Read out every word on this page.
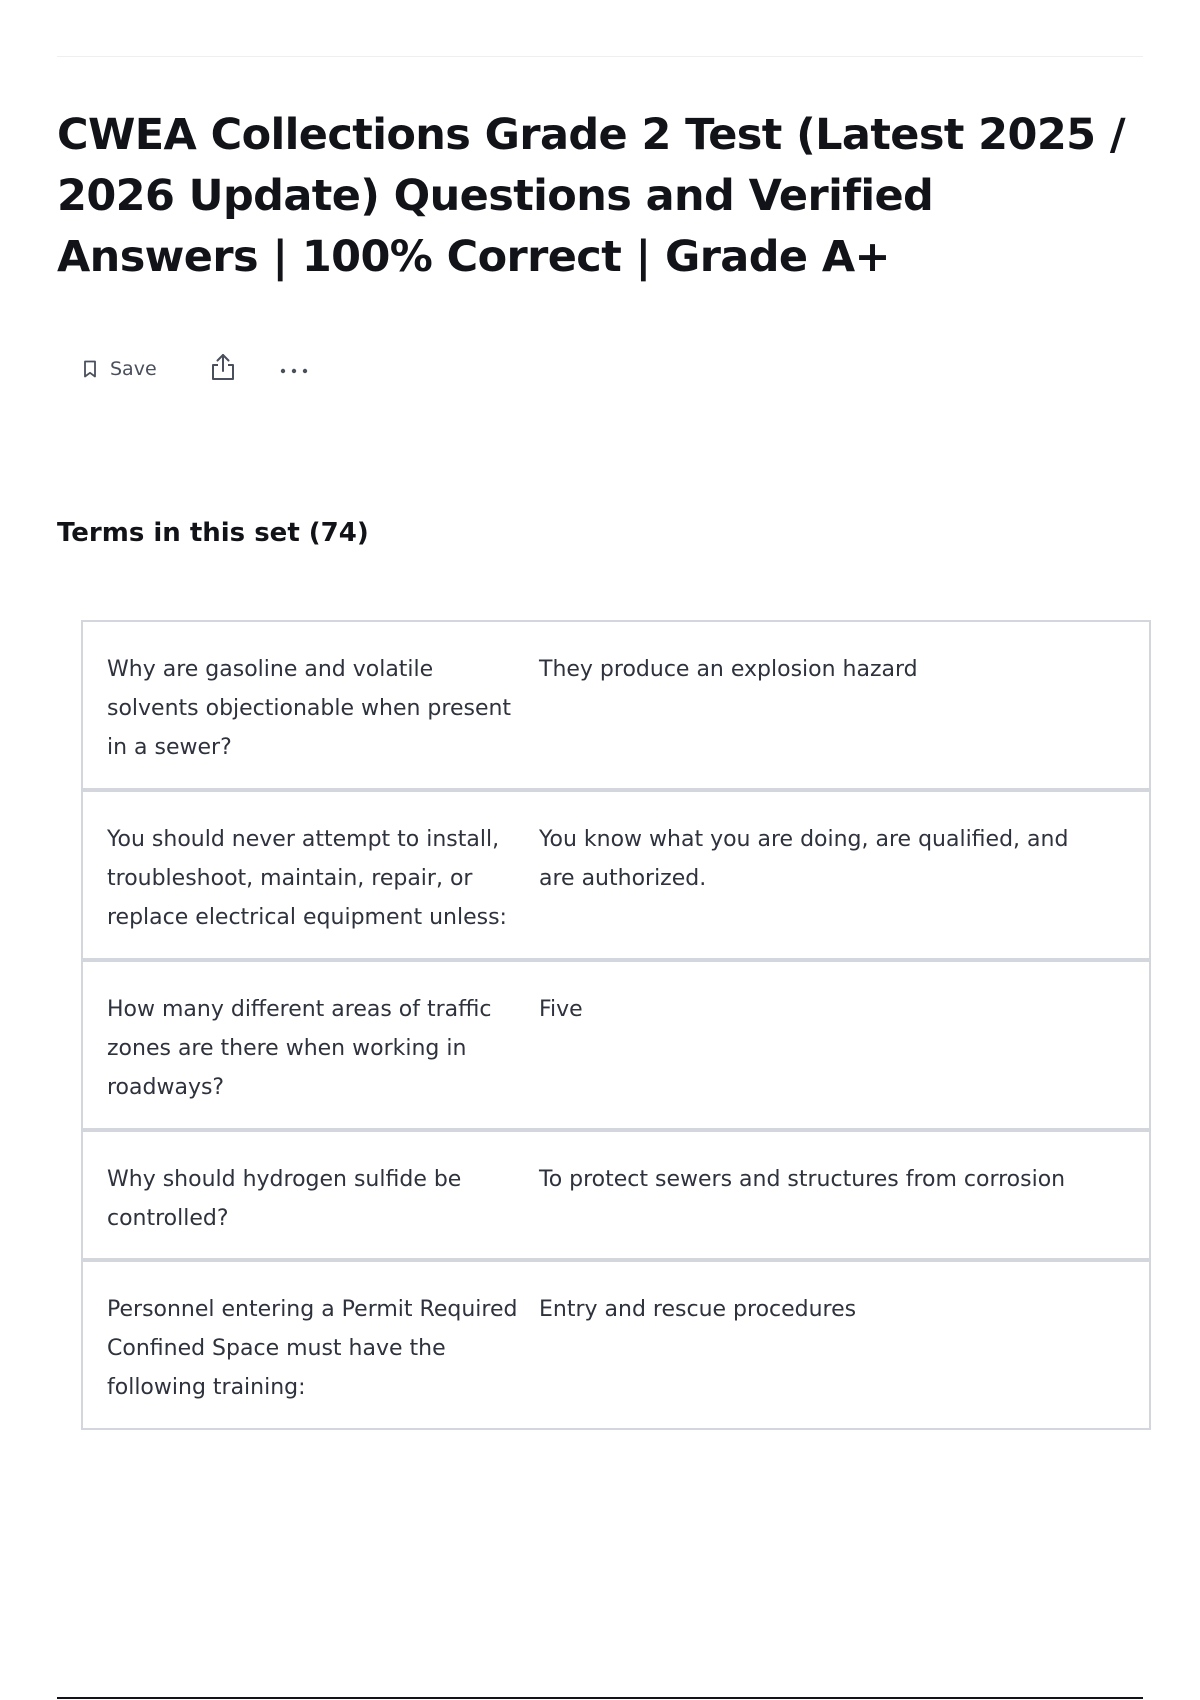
CWEA Collections Grade 2 Test (Latest 2025 / 2026 Update) Questions and Verified Answers | 100% Correct | Grade A+
Save
Terms in this set (74)
Why are gasoline and volatile solvents objectionable when present in a sewer?
They produce an explosion hazard
You should never attempt to install, troubleshoot, maintain, repair, or replace electrical equipment unless:
You know what you are doing, are qualified, and are authorized.
How many different areas of traffic zones are there when working in roadways?
Five
Why should hydrogen sulfide be controlled?
To protect sewers and structures from corrosion
Personnel entering a Permit Required Confined Space must have the following training:
Entry and rescue procedures
